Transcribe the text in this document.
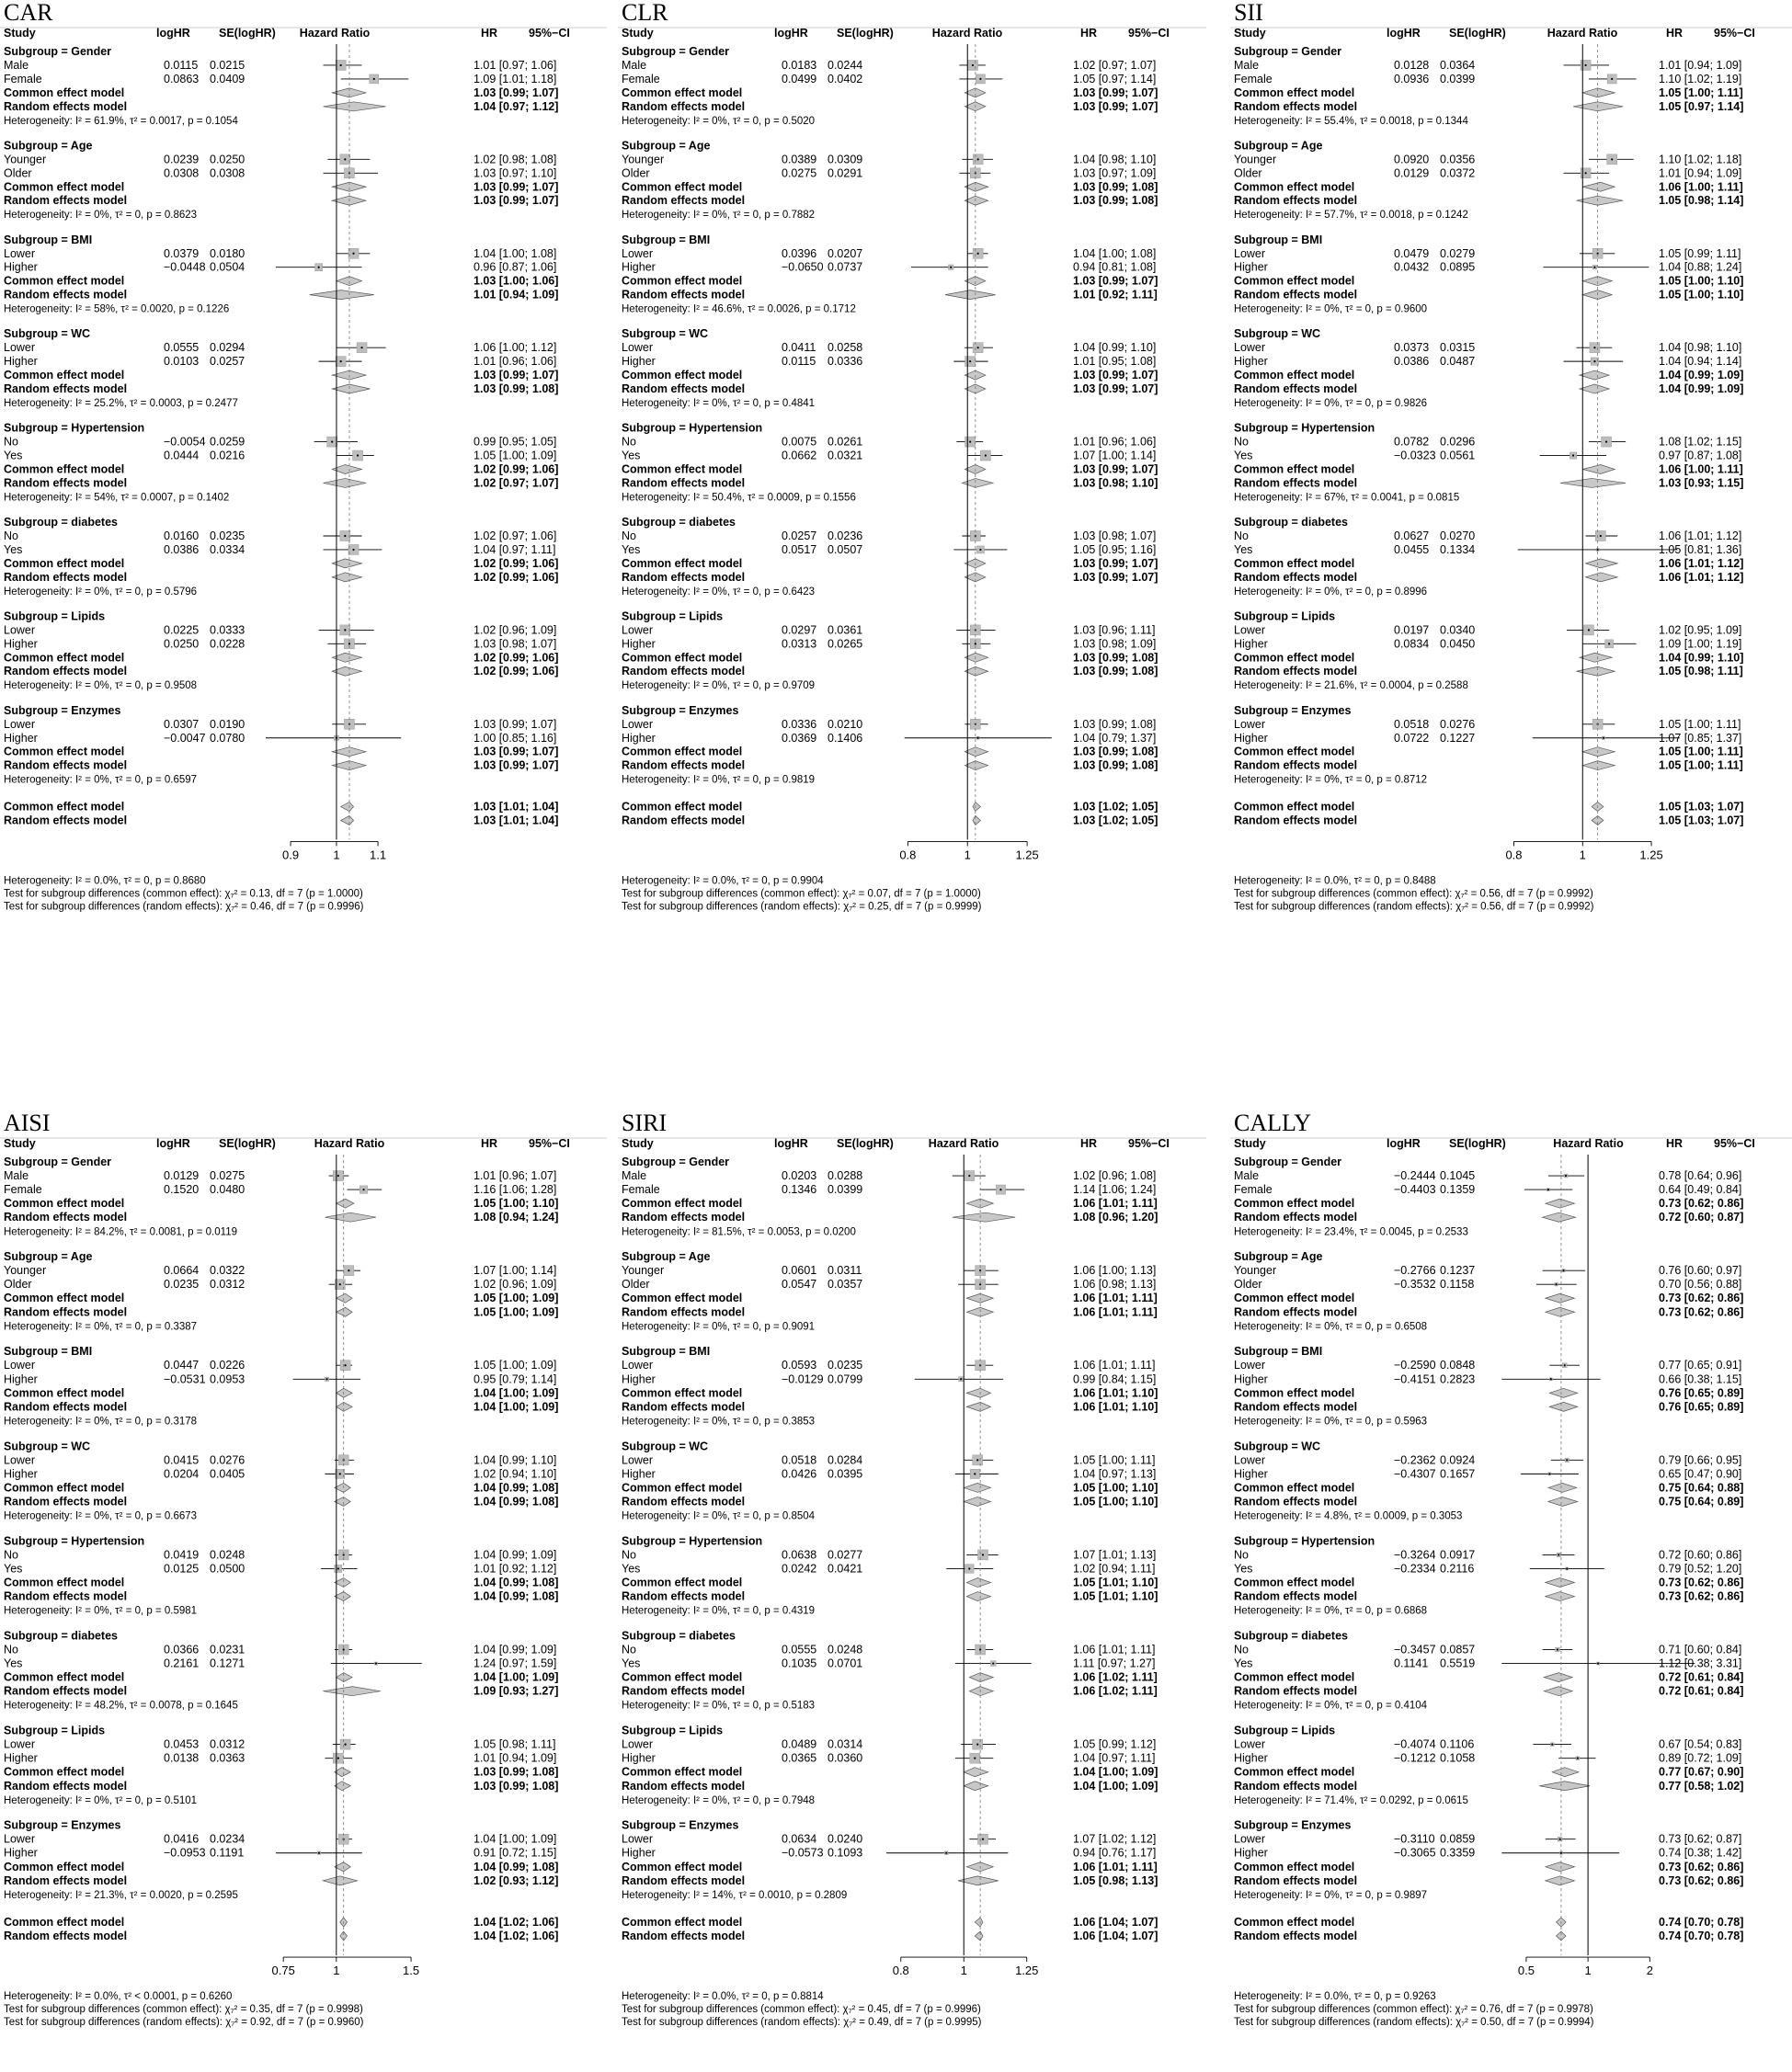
CAR
Study	logHR SE(logHR) Hazard Ratio	HR	95%−CI
Subgroup = Gender
Male	0.0115 0.0215	1.01 [0.97; 1.06]
Female	0.0863 0.0409	1.09 [1.01; 1.18]
Common effect model	1.03 [0.99; 1.07]
Random effects model	1.04 [0.97; 1.12]
Heterogeneity: I² = 61.9%, τ² = 0.0017, p = 0.1054
Subgroup = Age
Younger	0.0239 0.0250	1.02 [0.98; 1.08]
Older	0.0308 0.0308	1.03 [0.97; 1.10]
Common effect model	1.03 [0.99; 1.07]
Random effects model	1.03 [0.99; 1.07]
Heterogeneity: I² = 0%, τ² = 0, p = 0.8623
Subgroup = BMI
Lower	0.0379 0.0180	1.04 [1.00; 1.08]
Higher	−0.0448 0.0504	0.96 [0.87; 1.06]
Common effect model	1.03 [1.00; 1.06]
Random effects model	1.01 [0.94; 1.09]
Heterogeneity: I² = 58%, τ² = 0.0020, p = 0.1226
Subgroup = WC
Lower	0.0555 0.0294	1.06 [1.00; 1.12]
Higher	0.0103 0.0257	1.01 [0.96; 1.06]
Common effect model	1.03 [0.99; 1.07]
Random effects model	1.03 [0.99; 1.08]
Heterogeneity: I² = 25.2%, τ² = 0.0003, p = 0.2477
Subgroup = Hypertension
No	−0.0054 0.0259	0.99 [0.95; 1.05]
Yes	0.0444 0.0216	1.05 [1.00; 1.09]
Common effect model	1.02 [0.99; 1.06]
Random effects model	1.02 [0.97; 1.07]
Heterogeneity: I² = 54%, τ² = 0.0007, p = 0.1402
Subgroup = diabetes
No	0.0160 0.0235	1.02 [0.97; 1.06]
Yes	0.0386 0.0334	1.04 [0.97; 1.11]
Common effect model	1.02 [0.99; 1.06]
Random effects model	1.02 [0.99; 1.06]
Heterogeneity: I² = 0%, τ² = 0, p = 0.5796
Subgroup = Lipids
Lower	0.0225 0.0333	1.02 [0.96; 1.09]
Higher	0.0250 0.0228	1.03 [0.98; 1.07]
Common effect model	1.02 [0.99; 1.06]
Random effects model	1.02 [0.99; 1.06]
Heterogeneity: I² = 0%, τ² = 0, p = 0.9508
Subgroup = Enzymes
Lower	0.0307 0.0190	1.03 [0.99; 1.07]
Higher	−0.0047 0.0780	1.00 [0.85; 1.16]
Common effect model	1.03 [0.99; 1.07]
Random effects model	1.03 [0.99; 1.07]
Heterogeneity: I² = 0%, τ² = 0, p = 0.6597
Common effect model	1.03 [1.01; 1.04]
Random effects model	1.03 [1.01; 1.04]
0.9	1 1.1
Heterogeneity: I² = 0.0%, τ² = 0, p = 0.8680
Test for subgroup differences (common effect): χ₇² = 0.13, df = 7 (p = 1.0000)
Test for subgroup differences (random effects): χ₇² = 0.46, df = 7 (p = 0.9996)
CLR
Study	logHR SE(logHR)	Hazard Ratio	HR	95%−CI
Subgroup = Gender
Male	0.0183 0.0244	1.02 [0.97; 1.07]
Female	0.0499 0.0402	1.05 [0.97; 1.14]
Common effect model	1.03 [0.99; 1.07]
Random effects model	1.03 [0.99; 1.07]
Heterogeneity: I² = 0%, τ² = 0, p = 0.5020
Subgroup = Age
Younger	0.0389 0.0309	1.04 [0.98; 1.10]
Older	0.0275 0.0291	1.03 [0.97; 1.09]
Common effect model	1.03 [0.99; 1.08]
Random effects model	1.03 [0.99; 1.08]
Heterogeneity: I² = 0%, τ² = 0, p = 0.7882
Subgroup = BMI
Lower	0.0396 0.0207	1.04 [1.00; 1.08]
Higher	−0.0650 0.0737	0.94 [0.81; 1.08]
Common effect model	1.03 [0.99; 1.07]
Random effects model	1.01 [0.92; 1.11]
Heterogeneity: I² = 46.6%, τ² = 0.0026, p = 0.1712
Subgroup = WC
Lower	0.0411 0.0258	1.04 [0.99; 1.10]
Higher	0.0115 0.0336	1.01 [0.95; 1.08]
Common effect model	1.03 [0.99; 1.07]
Random effects model	1.03 [0.99; 1.07]
Heterogeneity: I² = 0%, τ² = 0, p = 0.4841
Subgroup = Hypertension
No	0.0075 0.0261	1.01 [0.96; 1.06]
Yes	0.0662 0.0321	1.07 [1.00; 1.14]
Common effect model	1.03 [0.99; 1.07]
Random effects model	1.03 [0.98; 1.10]
Heterogeneity: I² = 50.4%, τ² = 0.0009, p = 0.1556
Subgroup = diabetes
No	0.0257 0.0236	1.03 [0.98; 1.07]
Yes	0.0517 0.0507	1.05 [0.95; 1.16]
Common effect model	1.03 [0.99; 1.07]
Random effects model	1.03 [0.99; 1.07]
Heterogeneity: I² = 0%, τ² = 0, p = 0.6423
Subgroup = Lipids
Lower	0.0297 0.0361	1.03 [0.96; 1.11]
Higher	0.0313 0.0265	1.03 [0.98; 1.09]
Common effect model	1.03 [0.99; 1.08]
Random effects model	1.03 [0.99; 1.08]
Heterogeneity: I² = 0%, τ² = 0, p = 0.9709
Subgroup = Enzymes
Lower	0.0336 0.0210	1.03 [0.99; 1.08]
Higher	0.0369 0.1406	1.04 [0.79; 1.37]
Common effect model	1.03 [0.99; 1.08]
Random effects model	1.03 [0.99; 1.08]
Heterogeneity: I² = 0%, τ² = 0, p = 0.9819
Common effect model	1.03 [1.02; 1.05]
Random effects model	1.03 [1.02; 1.05]
0.8	1	1.25
Heterogeneity: I² = 0.0%, τ² = 0, p = 0.9904
Test for subgroup differences (common effect): χ₇² = 0.07, df = 7 (p = 1.0000)
Test for subgroup differences (random effects): χ₇² = 0.25, df = 7 (p = 0.9999)
SII
Study	logHR SE(logHR)	Hazard Ratio	HR	95%−CI
Subgroup = Gender
Male	0.0128 0.0364	1.01 [0.94; 1.09]
Female	0.0936 0.0399	1.10 [1.02; 1.19]
Common effect model	1.05 [1.00; 1.11]
Random effects model	1.05 [0.97; 1.14]
Heterogeneity: I² = 55.4%, τ² = 0.0018, p = 0.1344
Subgroup = Age
Younger	0.0920 0.0356	1.10 [1.02; 1.18]
Older	0.0129 0.0372	1.01 [0.94; 1.09]
Common effect model	1.06 [1.00; 1.11]
Random effects model	1.05 [0.98; 1.14]
Heterogeneity: I² = 57.7%, τ² = 0.0018, p = 0.1242
Subgroup = BMI
Lower	0.0479 0.0279	1.05 [0.99; 1.11]
Higher	0.0432 0.0895	1.04 [0.88; 1.24]
Common effect model	1.05 [1.00; 1.10]
Random effects model	1.05 [1.00; 1.10]
Heterogeneity: I² = 0%, τ² = 0, p = 0.9600
Subgroup = WC
Lower	0.0373 0.0315	1.04 [0.98; 1.10]
Higher	0.0386 0.0487	1.04 [0.94; 1.14]
Common effect model	1.04 [0.99; 1.09]
Random effects model	1.04 [0.99; 1.09]
Heterogeneity: I² = 0%, τ² = 0, p = 0.9826
Subgroup = Hypertension
No	0.0782 0.0296	1.08 [1.02; 1.15]
Yes	−0.0323 0.0561	0.97 [0.87; 1.08]
Common effect model	1.06 [1.00; 1.11]
Random effects model	1.03 [0.93; 1.15]
Heterogeneity: I² = 67%, τ² = 0.0041, p = 0.0815
Subgroup = diabetes
No	0.0627 0.0270	1.06 [1.01; 1.12]
Yes	0.0455 0.1334	1.05 [0.81; 1.36]
Common effect model	1.06 [1.01; 1.12]
Random effects model	1.06 [1.01; 1.12]
Heterogeneity: I² = 0%, τ² = 0, p = 0.8996
Subgroup = Lipids
Lower	0.0197 0.0340	1.02 [0.95; 1.09]
Higher	0.0834 0.0450	1.09 [1.00; 1.19]
Common effect model	1.04 [0.99; 1.10]
Random effects model	1.05 [0.98; 1.11]
Heterogeneity: I² = 21.6%, τ² = 0.0004, p = 0.2588
Subgroup = Enzymes
Lower	0.0518 0.0276	1.05 [1.00; 1.11]
Higher	0.0722 0.1227	1.07 [0.85; 1.37]
Common effect model	1.05 [1.00; 1.11]
Random effects model	1.05 [1.00; 1.11]
Heterogeneity: I² = 0%, τ² = 0, p = 0.8712
Common effect model	1.05 [1.03; 1.07]
Random effects model	1.05 [1.03; 1.07]
0.8	1	1.25
Heterogeneity: I² = 0.0%, τ² = 0, p = 0.8488
Test for subgroup differences (common effect): χ₇² = 0.56, df = 7 (p = 0.9992)
Test for subgroup differences (random effects): χ₇² = 0.56, df = 7 (p = 0.9992)
AISI
Study	logHR SE(logHR)	Hazard Ratio	HR	95%−CI
Subgroup = Gender
Male	0.0129 0.0275	1.01 [0.96; 1.07]
Female	0.1520 0.0480	1.16 [1.06; 1.28]
Common effect model	1.05 [1.00; 1.10]
Random effects model	1.08 [0.94; 1.24]
Heterogeneity: I² = 84.2%, τ² = 0.0081, p = 0.0119
Subgroup = Age
Younger	0.0664 0.0322	1.07 [1.00; 1.14]
Older	0.0235 0.0312	1.02 [0.96; 1.09]
Common effect model	1.05 [1.00; 1.09]
Random effects model	1.05 [1.00; 1.09]
Heterogeneity: I² = 0%, τ² = 0, p = 0.3387
Subgroup = BMI
Lower	0.0447 0.0226	1.05 [1.00; 1.09]
Higher	−0.0531 0.0953	0.95 [0.79; 1.14]
Common effect model	1.04 [1.00; 1.09]
Random effects model	1.04 [1.00; 1.09]
Heterogeneity: I² = 0%, τ² = 0, p = 0.3178
Subgroup = WC
Lower	0.0415 0.0276	1.04 [0.99; 1.10]
Higher	0.0204 0.0405	1.02 [0.94; 1.10]
Common effect model	1.04 [0.99; 1.08]
Random effects model	1.04 [0.99; 1.08]
Heterogeneity: I² = 0%, τ² = 0, p = 0.6673
Subgroup = Hypertension
No	0.0419 0.0248	1.04 [0.99; 1.09]
Yes	0.0125 0.0500	1.01 [0.92; 1.12]
Common effect model	1.04 [0.99; 1.08]
Random effects model	1.04 [0.99; 1.08]
Heterogeneity: I² = 0%, τ² = 0, p = 0.5981
Subgroup = diabetes
No	0.0366 0.0231	1.04 [0.99; 1.09]
Yes	0.2161 0.1271	1.24 [0.97; 1.59]
Common effect model	1.04 [1.00; 1.09]
Random effects model	1.09 [0.93; 1.27]
Heterogeneity: I² = 48.2%, τ² = 0.0078, p = 0.1645
Subgroup = Lipids
Lower	0.0453 0.0312	1.05 [0.98; 1.11]
Higher	0.0138 0.0363	1.01 [0.94; 1.09]
Common effect model	1.03 [0.99; 1.08]
Random effects model	1.03 [0.99; 1.08]
Heterogeneity: I² = 0%, τ² = 0, p = 0.5101
Subgroup = Enzymes
Lower	0.0416 0.0234	1.04 [1.00; 1.09]
Higher	−0.0953 0.1191	0.91 [0.72; 1.15]
Common effect model	1.04 [0.99; 1.08]
Random effects model	1.02 [0.93; 1.12]
Heterogeneity: I² = 21.3%, τ² = 0.0020, p = 0.2595
Common effect model	1.04 [1.02; 1.06]
Random effects model	1.04 [1.02; 1.06]
0.75	1	1.5
Heterogeneity: I² = 0.0%, τ² < 0.0001, p = 0.6260
Test for subgroup differences (common effect): χ₇² = 0.35, df = 7 (p = 0.9998)
Test for subgroup differences (random effects): χ₇² = 0.92, df = 7 (p = 0.9960)
SIRI
Study	logHR SE(logHR)	Hazard Ratio	HR	95%−CI
Subgroup = Gender
Male	0.0203 0.0288	1.02 [0.96; 1.08]
Female	0.1346 0.0399	1.14 [1.06; 1.24]
Common effect model	1.06 [1.01; 1.11]
Random effects model	1.08 [0.96; 1.20]
Heterogeneity: I² = 81.5%, τ² = 0.0053, p = 0.0200
Subgroup = Age
Younger	0.0601 0.0311	1.06 [1.00; 1.13]
Older	0.0547 0.0357	1.06 [0.98; 1.13]
Common effect model	1.06 [1.01; 1.11]
Random effects model	1.06 [1.01; 1.11]
Heterogeneity: I² = 0%, τ² = 0, p = 0.9091
Subgroup = BMI
Lower	0.0593 0.0235	1.06 [1.01; 1.11]
Higher	−0.0129 0.0799	0.99 [0.84; 1.15]
Common effect model	1.06 [1.01; 1.10]
Random effects model	1.06 [1.01; 1.10]
Heterogeneity: I² = 0%, τ² = 0, p = 0.3853
Subgroup = WC
Lower	0.0518 0.0284	1.05 [1.00; 1.11]
Higher	0.0426 0.0395	1.04 [0.97; 1.13]
Common effect model	1.05 [1.00; 1.10]
Random effects model	1.05 [1.00; 1.10]
Heterogeneity: I² = 0%, τ² = 0, p = 0.8504
Subgroup = Hypertension
No	0.0638 0.0277	1.07 [1.01; 1.13]
Yes	0.0242 0.0421	1.02 [0.94; 1.11]
Common effect model	1.05 [1.01; 1.10]
Random effects model	1.05 [1.01; 1.10]
Heterogeneity: I² = 0%, τ² = 0, p = 0.4319
Subgroup = diabetes
No	0.0555 0.0248	1.06 [1.01; 1.11]
Yes	0.1035 0.0701	1.11 [0.97; 1.27]
Common effect model	1.06 [1.02; 1.11]
Random effects model	1.06 [1.02; 1.11]
Heterogeneity: I² = 0%, τ² = 0, p = 0.5183
Subgroup = Lipids
Lower	0.0489 0.0314	1.05 [0.99; 1.12]
Higher	0.0365 0.0360	1.04 [0.97; 1.11]
Common effect model	1.04 [1.00; 1.09]
Random effects model	1.04 [1.00; 1.09]
Heterogeneity: I² = 0%, τ² = 0, p = 0.7948
Subgroup = Enzymes
Lower	0.0634 0.0240	1.07 [1.02; 1.12]
Higher	−0.0573 0.1093	0.94 [0.76; 1.17]
Common effect model	1.06 [1.01; 1.11]
Random effects model	1.05 [0.98; 1.13]
Heterogeneity: I² = 14%, τ² = 0.0010, p = 0.2809
Common effect model	1.06 [1.04; 1.07]
Random effects model	1.06 [1.04; 1.07]
0.8	1	1.25
Heterogeneity: I² = 0.0%, τ² = 0, p = 0.8814
Test for subgroup differences (common effect): χ₇² = 0.45, df = 7 (p = 0.9996)
Test for subgroup differences (random effects): χ₇² = 0.49, df = 7 (p = 0.9995)
CALLY
Study	logHR SE(logHR)	Hazard Ratio	HR	95%−CI
Subgroup = Gender
Male	−0.2444 0.1045	0.78 [0.64; 0.96]
Female	−0.4403 0.1359	0.64 [0.49; 0.84]
Common effect model	0.73 [0.62; 0.86]
Random effects model	0.72 [0.60; 0.87]
Heterogeneity: I² = 23.4%, τ² = 0.0045, p = 0.2533
Subgroup = Age
Younger	−0.2766 0.1237	0.76 [0.60; 0.97]
Older	−0.3532 0.1158	0.70 [0.56; 0.88]
Common effect model	0.73 [0.62; 0.86]
Random effects model	0.73 [0.62; 0.86]
Heterogeneity: I² = 0%, τ² = 0, p = 0.6508
Subgroup = BMI
Lower	−0.2590 0.0848	0.77 [0.65; 0.91]
Higher	−0.4151 0.2823	0.66 [0.38; 1.15]
Common effect model	0.76 [0.65; 0.89]
Random effects model	0.76 [0.65; 0.89]
Heterogeneity: I² = 0%, τ² = 0, p = 0.5963
Subgroup = WC
Lower	−0.2362 0.0924	0.79 [0.66; 0.95]
Higher	−0.4307 0.1657	0.65 [0.47; 0.90]
Common effect model	0.75 [0.64; 0.88]
Random effects model	0.75 [0.64; 0.89]
Heterogeneity: I² = 4.8%, τ² = 0.0009, p = 0.3053
Subgroup = Hypertension
No	−0.3264 0.0917	0.72 [0.60; 0.86]
Yes	−0.2334 0.2116	0.79 [0.52; 1.20]
Common effect model	0.73 [0.62; 0.86]
Random effects model	0.73 [0.62; 0.86]
Heterogeneity: I² = 0%, τ² = 0, p = 0.6868
Subgroup = diabetes
No	−0.3457 0.0857	0.71 [0.60; 0.84]
Yes	0.1141 0.5519	1.12 [0.38; 3.31]
Common effect model	0.72 [0.61; 0.84]
Random effects model	0.72 [0.61; 0.84]
Heterogeneity: I² = 0%, τ² = 0, p = 0.4104
Subgroup = Lipids
Lower	−0.4074 0.1106	0.67 [0.54; 0.83]
Higher	−0.1212 0.1058	0.89 [0.72; 1.09]
Common effect model	0.77 [0.67; 0.90]
Random effects model	0.77 [0.58; 1.02]
Heterogeneity: I² = 71.4%, τ² = 0.0292, p = 0.0615
Subgroup = Enzymes
Lower	−0.3110 0.0859	0.73 [0.62; 0.87]
Higher	−0.3065 0.3359	0.74 [0.38; 1.42]
Common effect model	0.73 [0.62; 0.86]
Random effects model	0.73 [0.62; 0.86]
Heterogeneity: I² = 0%, τ² = 0, p = 0.9897
Common effect model	0.74 [0.70; 0.78]
Random effects model	0.74 [0.70; 0.78]
0.5	1	2
Heterogeneity: I² = 0.0%, τ² = 0, p = 0.9263
Test for subgroup differences (common effect): χ₇² = 0.76, df = 7 (p = 0.9978)
Test for subgroup differences (random effects): χ₇² = 0.50, df = 7 (p = 0.9994)
